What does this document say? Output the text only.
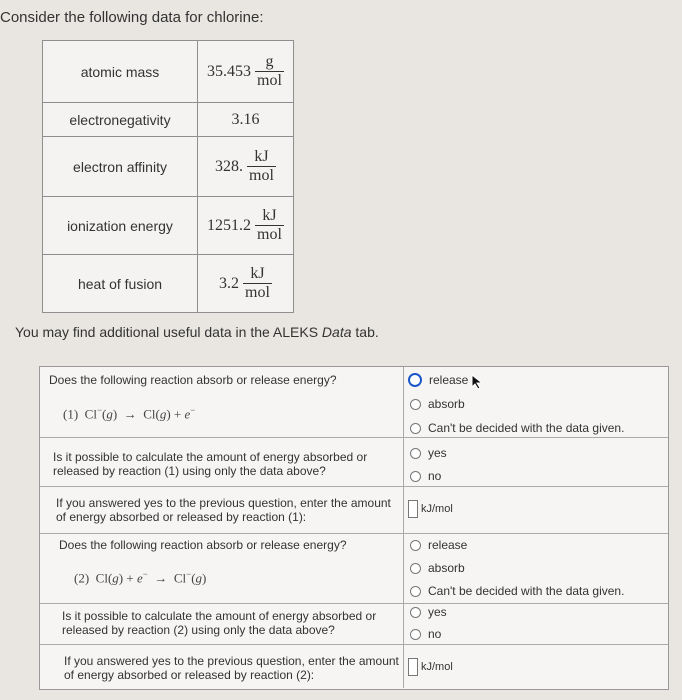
Consider the following data for chlorine:
atomic mass	$35.453 \frac{g}{\text{mol}}$

electronegativity	3.16
electron affinity	328. $\frac{kJ}{\text{mol}}$

ionization energy	$1251.2 \frac{kJ}{\text{mol}}$

heat of fusion	$3.2 \frac{kJ}{\text{mol}}$
You may find additional useful data in the ALEKS Data tab.
Does the following reaction absorb or release energy?
(1)  Cl−(g)  →  Cl(g) + e−
release
absorb
Can't be decided with the data given.
Is it possible to calculate the amount of energy absorbed or released by reaction (1) using only the data above?
yes
no
If you answered yes to the previous question, enter the amount of energy absorbed or released by reaction (1):
kJ/mol
Does the following reaction absorb or release energy?
(2)  Cl(g) + e−  →  Cl−(g)
release
absorb
Can't be decided with the data given.
Is it possible to calculate the amount of energy absorbed or released by reaction (2) using only the data above?
yes
no
If you answered yes to the previous question, enter the amount of energy absorbed or released by reaction (2):
kJ/mol
